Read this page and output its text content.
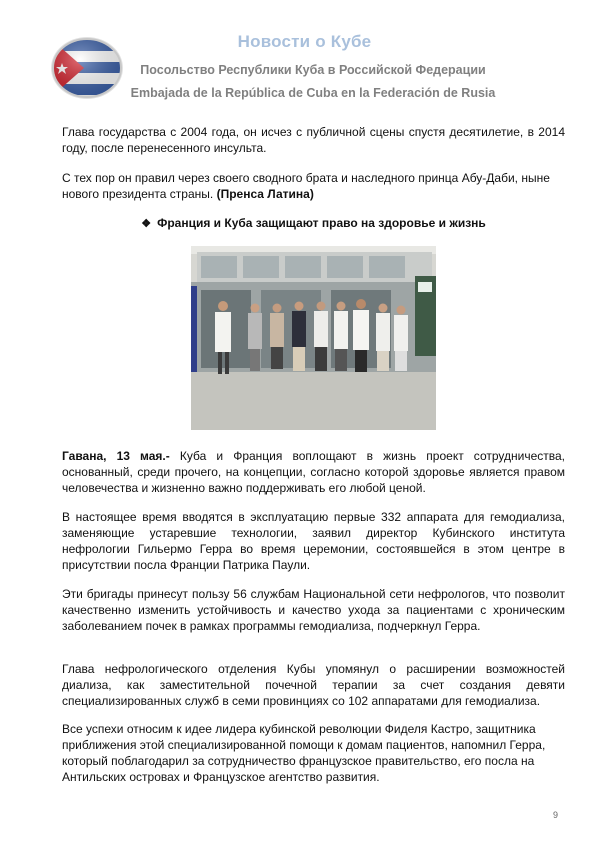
Новости о Кубе
Посольство Республики Куба в Российской Федерации
Embajada de la República de Cuba en la Federación de Rusia
Глава государства с 2004 года, он исчез с публичной сцены спустя десятилетие, в 2014 году, после перенесенного инсульта.
С тех пор он правил через своего сводного брата и наследного принца Абу-Даби, ныне нового президента страны. (Пренса Латина)
❖ Франция и Куба защищают право на здоровье и жизнь
Гавана, 13 мая.- Куба и Франция воплощают в жизнь проект сотрудничества, основанный, среди прочего, на концепции, согласно которой здоровье является правом человечества и жизненно важно поддерживать его любой ценой.
В настоящее время вводятся в эксплуатацию первые 332 аппарата для гемодиализа, заменяющие устаревшие технологии, заявил директор Кубинского института нефрологии Гильермо Герра во время церемонии, состоявшейся в этом центре в присутствии посла Франции Патрика Паули.
Эти бригады принесут пользу 56 службам Национальной сети нефрологов, что позволит качественно изменить устойчивость и качество ухода за пациентами с хроническим заболеванием почек в рамках программы гемодиализа, подчеркнул Герра.
Глава нефрологического отделения Кубы упомянул о расширении возможностей диализа, как заместительной почечной терапии за счет создания девяти специализированных служб в семи провинциях со 102 аппаратами для гемодиализа.
Все успехи относим к идее лидера кубинской революции Фиделя Кастро, защитника приближения этой специализированной помощи к домам пациентов, напомнил Герра, который поблагодарил за сотрудничество французское правительство, его посла на Антильских островах и Французское агентство развития.
9
